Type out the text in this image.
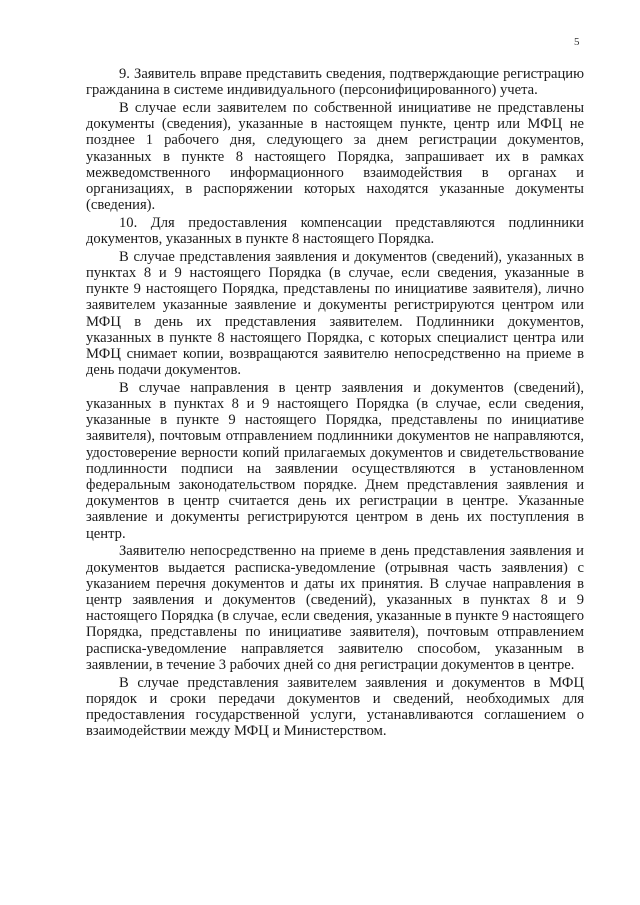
5

9. Заявитель вправе представить сведения, подтверждающие регистрацию гражданина в системе индивидуального (персонифицированного) учета.

В случае если заявителем по собственной инициативе не представлены документы (сведения), указанные в настоящем пункте, центр или МФЦ не позднее 1 рабочего дня, следующего за днем регистрации документов, указанных в пункте 8 настоящего Порядка, запрашивает их в рамках межведомственного информационного взаимодействия в органах и организациях, в распоряжении которых находятся указанные документы (сведения).

10. Для предоставления компенсации представляются подлинники документов, указанных в пункте 8 настоящего Порядка.

В случае представления заявления и документов (сведений), указанных в пунктах 8 и 9 настоящего Порядка (в случае, если сведения, указанные в пункте 9 настоящего Порядка, представлены по инициативе заявителя), лично заявителем указанные заявление и документы регистрируются центром или МФЦ в день их представления заявителем. Подлинники документов, указанных в пункте 8 настоящего Порядка, с которых специалист центра или МФЦ снимает копии, возвращаются заявителю непосредственно на приеме в день подачи документов.

В случае направления в центр заявления и документов (сведений), указанных в пунктах 8 и 9 настоящего Порядка (в случае, если сведения, указанные в пункте 9 настоящего Порядка, представлены по инициативе заявителя), почтовым отправлением подлинники документов не направляются, удостоверение верности копий прилагаемых документов и свидетельствование подлинности подписи на заявлении осуществляются в установленном федеральным законодательством порядке. Днем представления заявления и документов в центр считается день их регистрации в центре. Указанные заявление и документы регистрируются центром в день их поступления в центр.

Заявителю непосредственно на приеме в день представления заявления и документов выдается расписка-уведомление (отрывная часть заявления) с указанием перечня документов и даты их принятия. В случае направления в центр заявления и документов (сведений), указанных в пунктах 8 и 9 настоящего Порядка (в случае, если сведения, указанные в пункте 9 настоящего Порядка, представлены по инициативе заявителя), почтовым отправлением расписка-уведомление направляется заявителю способом, указанным в заявлении, в течение 3 рабочих дней со дня регистрации документов в центре.

В случае представления заявителем заявления и документов в МФЦ порядок и сроки передачи документов и сведений, необходимых для предоставления государственной услуги, устанавливаются соглашением о взаимодействии между МФЦ и Министерством.
